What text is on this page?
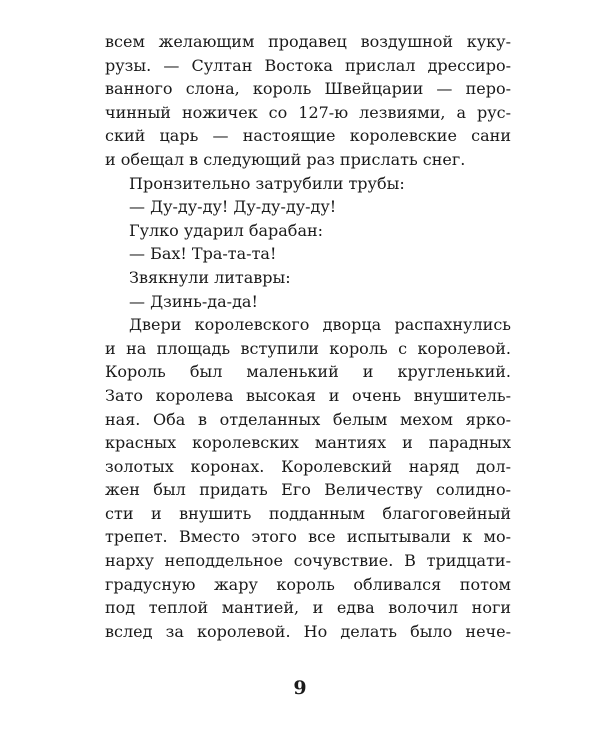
всем желающим продавец воздушной куку-
рузы. — Султан Востока прислал дрессиро-
ванного слона, король Швейцарии — перо-
чинный ножичек со 127-ю лезвиями, а рус-
ский царь — настоящие королевские сани
и обещал в следующий раз прислать снег.
Пронзительно затрубили трубы:
— Ду-ду-ду! Ду-ду-ду-ду!
Гулко ударил барабан:
— Бах! Тра-та-та!
Звякнули литавры:
— Дзинь-да-да!
Двери королевского дворца распахнулись
и на площадь вступили король с королевой.
Король был маленький и кругленький.
Зато королева высокая и очень внушитель-
ная. Оба в отделанных белым мехом ярко-
красных королевских мантиях и парадных
золотых коронах. Королевский наряд дол-
жен был придать Его Величеству солидно-
сти и внушить подданным благоговейный
трепет. Вместо этого все испытывали к мо-
нарху неподдельное сочувствие. В тридцати-
градусную жару король обливался потом
под теплой мантией, и едва волочил ноги
вслед за королевой. Но делать было нече-
9
